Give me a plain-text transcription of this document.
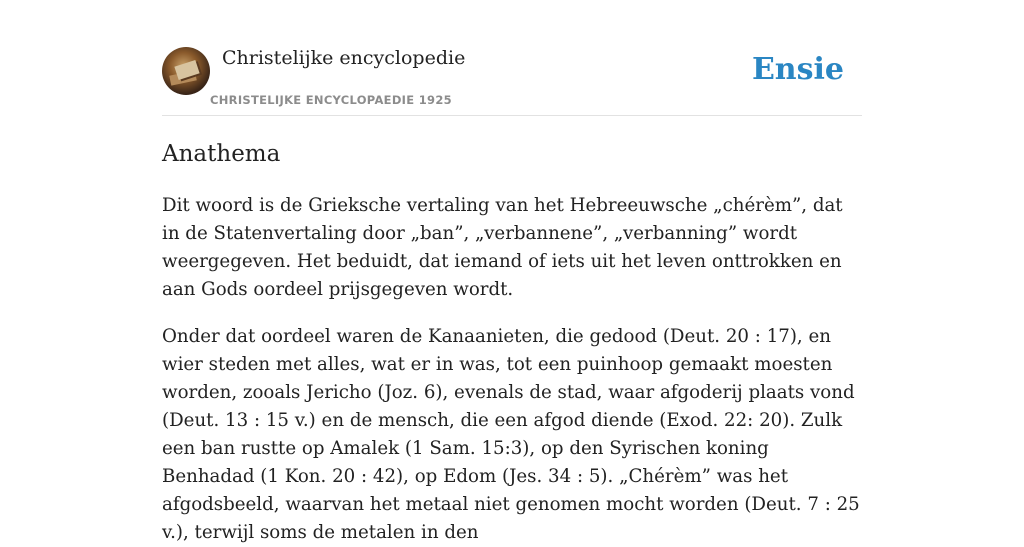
Christelijke encyclopedie
CHRISTELIJKE ENCYCLOPAEDIE 1925
Ensie
Anathema

Dit woord is de Grieksche vertaling van het Hebreeuwsche „chérèm”, dat in de Statenvertaling door „ban”, „verbannene”, „verbanning” wordt weergegeven. Het beduidt, dat iemand of iets uit het leven onttrokken en aan Gods oordeel prijsgegeven wordt.

Onder dat oordeel waren de Kanaanieten, die gedood (Deut. 20 : 17), en wier steden met alles, wat er in was, tot een puinhoop gemaakt moesten worden, zooals Jericho (Joz. 6), evenals de stad, waar afgoderij plaats vond (Deut. 13 : 15 v.) en de mensch, die een afgod diende (Exod. 22: 20). Zulk een ban rustte op Amalek (1 Sam. 15:3), op den Syrischen koning Benhadad (1 Kon. 20 : 42), op Edom (Jes. 34 : 5). „Chérèm” was het afgodsbeeld, waarvan het metaal niet genomen mocht worden (Deut. 7 : 25 v.), terwijl soms de metalen in den
